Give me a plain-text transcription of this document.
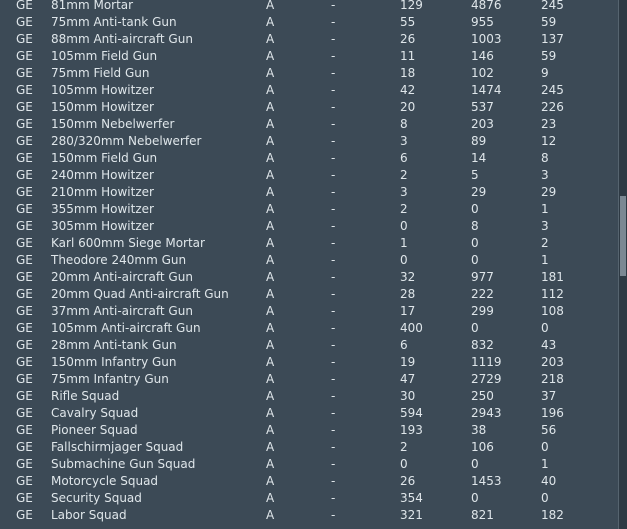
GE 81mm Mortar	A	-	129	4876	245
GE 75mm Anti-tank Gun	A	-	55	955	59
GE 88mm Anti-aircraft Gun	A	-	26	1003	137
GE 105mm Field Gun	A	-	11	146	59
GE 75mm Field Gun	A	-	18	102	9
GE 105mm Howitzer	A	-	42	1474	245
GE 150mm Howitzer	A	-	20	537	226
GE 150mm Nebelwerfer	A	-	8	203	23
GE 280/320mm Nebelwerfer	A	-	3	89	12
GE 150mm Field Gun	A	-	6	14	8
GE 240mm Howitzer	A	-	2	5	3
GE 210mm Howitzer	A	-	3	29	29
GE 355mm Howitzer	A	-	2	0	1
GE 305mm Howitzer	A	-	0	8	3
GE Karl 600mm Siege Mortar	A	-	1	0	2
GE Theodore 240mm Gun	A	-	0	0	1
GE 20mm Anti-aircraft Gun	A	-	32	977	181
GE 20mm Quad Anti-aircraft Gun	A	-	28	222	112
GE 37mm Anti-aircraft Gun	A	-	17	299	108
GE 105mm Anti-aircraft Gun	A	-	400	0	0
GE 28mm Anti-tank Gun	A	-	6	832	43
GE 150mm Infantry Gun	A	-	19	1119	203
GE 75mm Infantry Gun	A	-	47	2729	218
GE Rifle Squad	A	-	30	250	37
GE Cavalry Squad	A	-	594	2943	196
GE Pioneer Squad	A	-	193	38	56
GE Fallschirmjager Squad	A	-	2	106	0
GE Submachine Gun Squad	A	-	0	0	1
GE Motorcycle Squad	A	-	26	1453	40
GE Security Squad	A	-	354	0	0
GE Labor Squad	A	-	321	821	182
